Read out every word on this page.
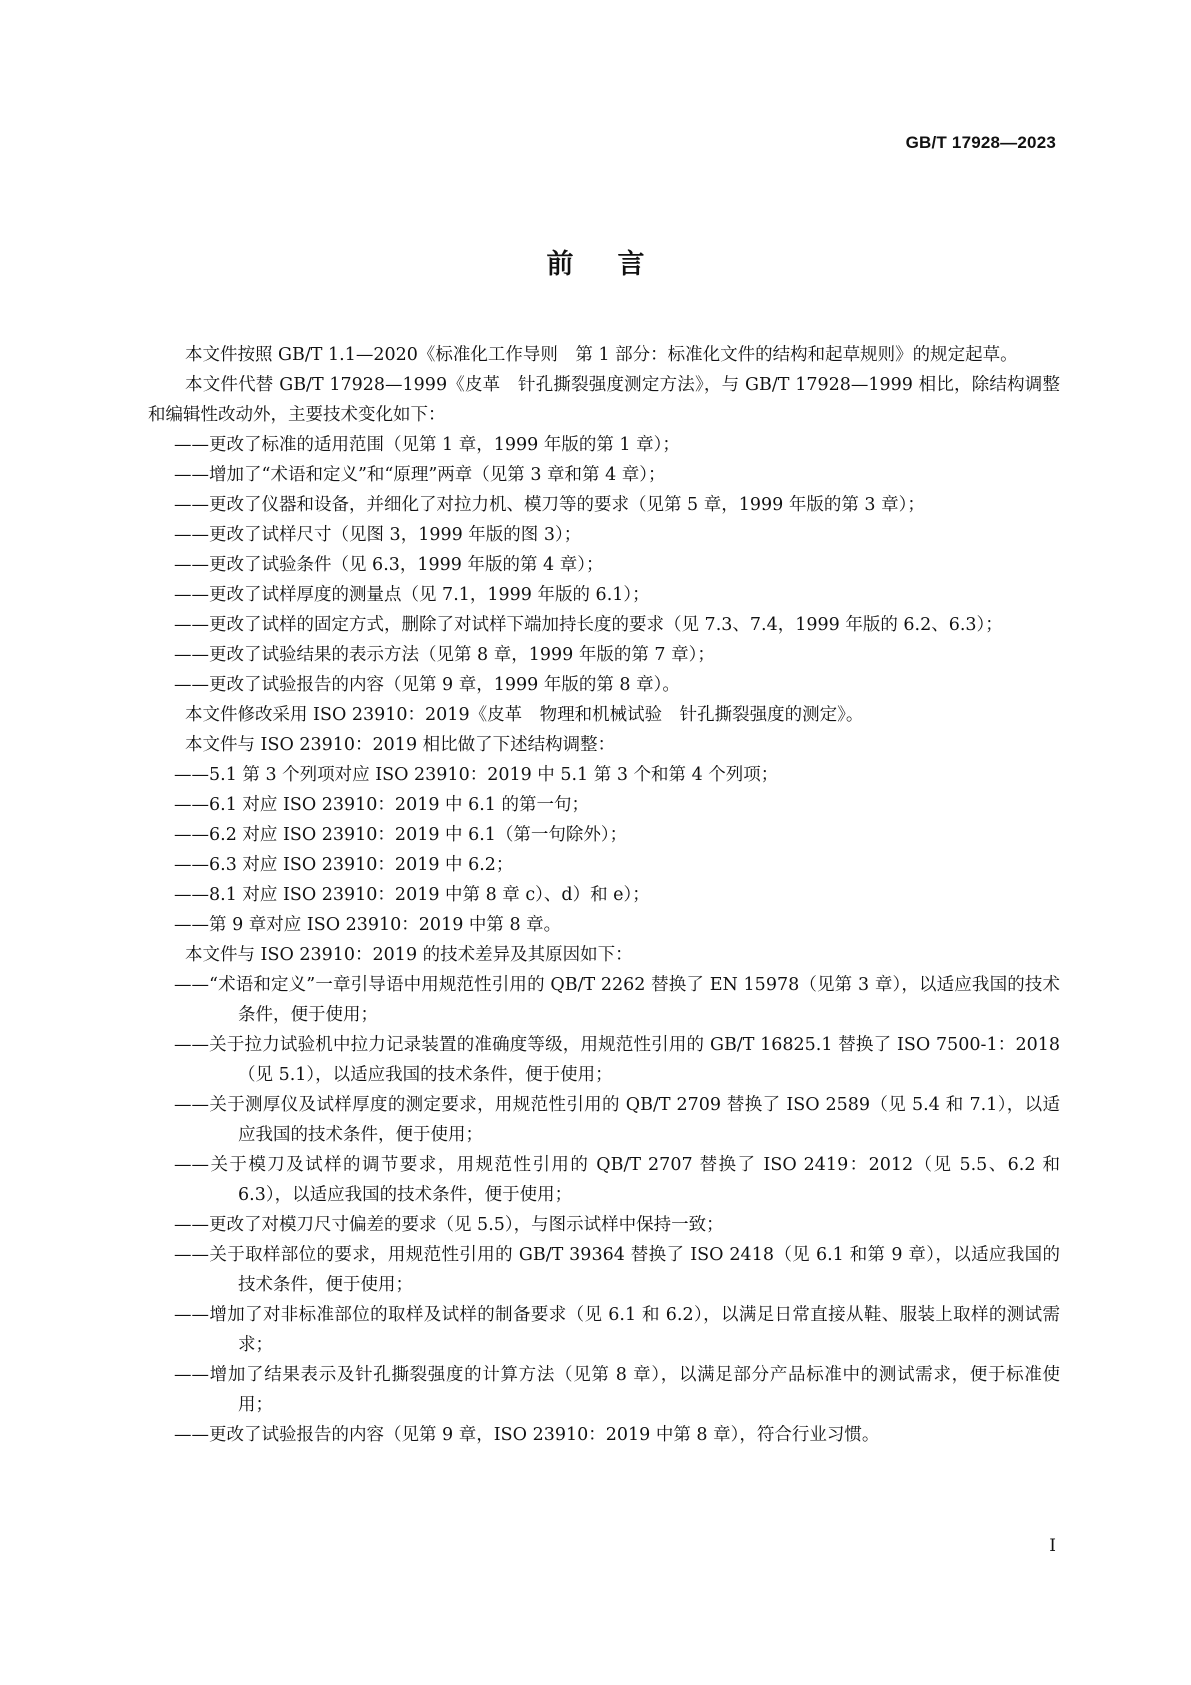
GB/T 17928—2023
前言

本文件按照 GB/T 1.1—2020《标准化工作导则　第 1 部分：标准化文件的结构和起草规则》的规定起草。

本文件代替 GB/T 17928—1999《皮革　针孔撕裂强度测定方法》，与 GB/T 17928—1999 相比，除结构调整和编辑性改动外，主要技术变化如下：

——更改了标准的适用范围（见第 1 章，1999 年版的第 1 章）；

——增加了“术语和定义”和“原理”两章（见第 3 章和第 4 章）；

——更改了仪器和设备，并细化了对拉力机、模刀等的要求（见第 5 章，1999 年版的第 3 章）；

——更改了试样尺寸（见图 3，1999 年版的图 3）；

——更改了试验条件（见 6.3，1999 年版的第 4 章）；

——更改了试样厚度的测量点（见 7.1，1999 年版的 6.1）；

——更改了试样的固定方式，删除了对试样下端加持长度的要求（见 7.3、7.4，1999 年版的 6.2、6.3）；

——更改了试验结果的表示方法（见第 8 章，1999 年版的第 7 章）；

——更改了试验报告的内容（见第 9 章，1999 年版的第 8 章）。

本文件修改采用 ISO 23910：2019《皮革　物理和机械试验　针孔撕裂强度的测定》。

本文件与 ISO 23910：2019 相比做了下述结构调整：

——5.1 第 3 个列项对应 ISO 23910：2019 中 5.1 第 3 个和第 4 个列项；

——6.1 对应 ISO 23910：2019 中 6.1 的第一句；

——6.2 对应 ISO 23910：2019 中 6.1（第一句除外）；

——6.3 对应 ISO 23910：2019 中 6.2；

——8.1 对应 ISO 23910：2019 中第 8 章 c）、d）和 e）；

——第 9 章对应 ISO 23910：2019 中第 8 章。

本文件与 ISO 23910：2019 的技术差异及其原因如下：

——“术语和定义”一章引导语中用规范性引用的 QB/T 2262 替换了 EN 15978（见第 3 章），以适应我国的技术条件，便于使用；

——关于拉力试验机中拉力记录装置的准确度等级，用规范性引用的 GB/T 16825.1 替换了 ISO 7500-1：2018（见 5.1），以适应我国的技术条件，便于使用；

——关于测厚仪及试样厚度的测定要求，用规范性引用的 QB/T 2709 替换了 ISO 2589（见 5.4 和 7.1），以适应我国的技术条件，便于使用；

——关于模刀及试样的调节要求，用规范性引用的 QB/T 2707 替换了 ISO 2419：2012（见 5.5、6.2 和 6.3），以适应我国的技术条件，便于使用；

——更改了对模刀尺寸偏差的要求（见 5.5），与图示试样中保持一致；

——关于取样部位的要求，用规范性引用的 GB/T 39364 替换了 ISO 2418（见 6.1 和第 9 章），以适应我国的技术条件，便于使用；

——增加了对非标准部位的取样及试样的制备要求（见 6.1 和 6.2），以满足日常直接从鞋、服装上取样的测试需求；

——增加了结果表示及针孔撕裂强度的计算方法（见第 8 章），以满足部分产品标准中的测试需求，便于标准使用；

——更改了试验报告的内容（见第 9 章，ISO 23910：2019 中第 8 章），符合行业习惯。

I
